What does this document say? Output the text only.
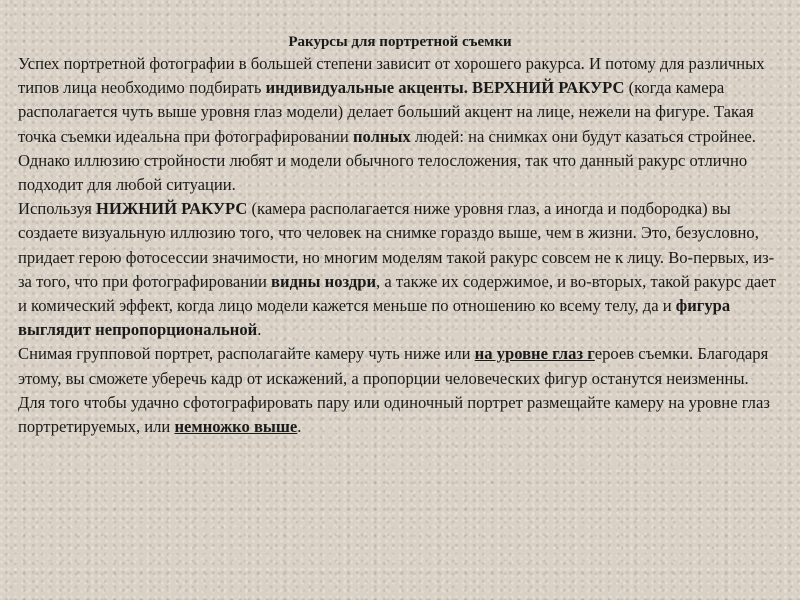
Ракурсы для портретной съемки

Успех портретной фотографии в большей степени зависит от хорошего ракурса. И потому для различных типов лица необходимо подбирать индивидуальные акценты. ВЕРХНИЙ РАКУРС (когда камера располагается чуть выше уровня глаз модели) делает больший акцент на лице, нежели на фигуре. Такая точка съемки идеальна при фотографировании полных людей: на снимках они будут казаться стройнее. Однако иллюзию стройности любят и модели обычного телосложения, так что данный ракурс отлично подходит для любой ситуации.

Используя НИЖНИЙ РАКУРС (камера располагается ниже уровня глаз, а иногда и подбородка) вы создаете визуальную иллюзию того, что человек на снимке гораздо выше, чем в жизни. Это, безусловно, придает герою фотосессии значимости, но многим моделям такой ракурс совсем не к лицу. Во-первых, из-за того, что при фотографировании видны ноздри, а также их содержимое, и во-вторых, такой ракурс дает и комический эффект, когда лицо модели кажется меньше по отношению ко всему телу, да и фигура выглядит непропорциональной.

Снимая групповой портрет, располагайте камеру чуть ниже или на уровне глаз героев съемки. Благодаря этому, вы сможете уберечь кадр от искажений, а пропорции человеческих фигур останутся неизменны.

Для того чтобы удачно сфотографировать пару или одиночный портрет размещайте камеру на уровне глаз портретируемых, или немножко выше.
